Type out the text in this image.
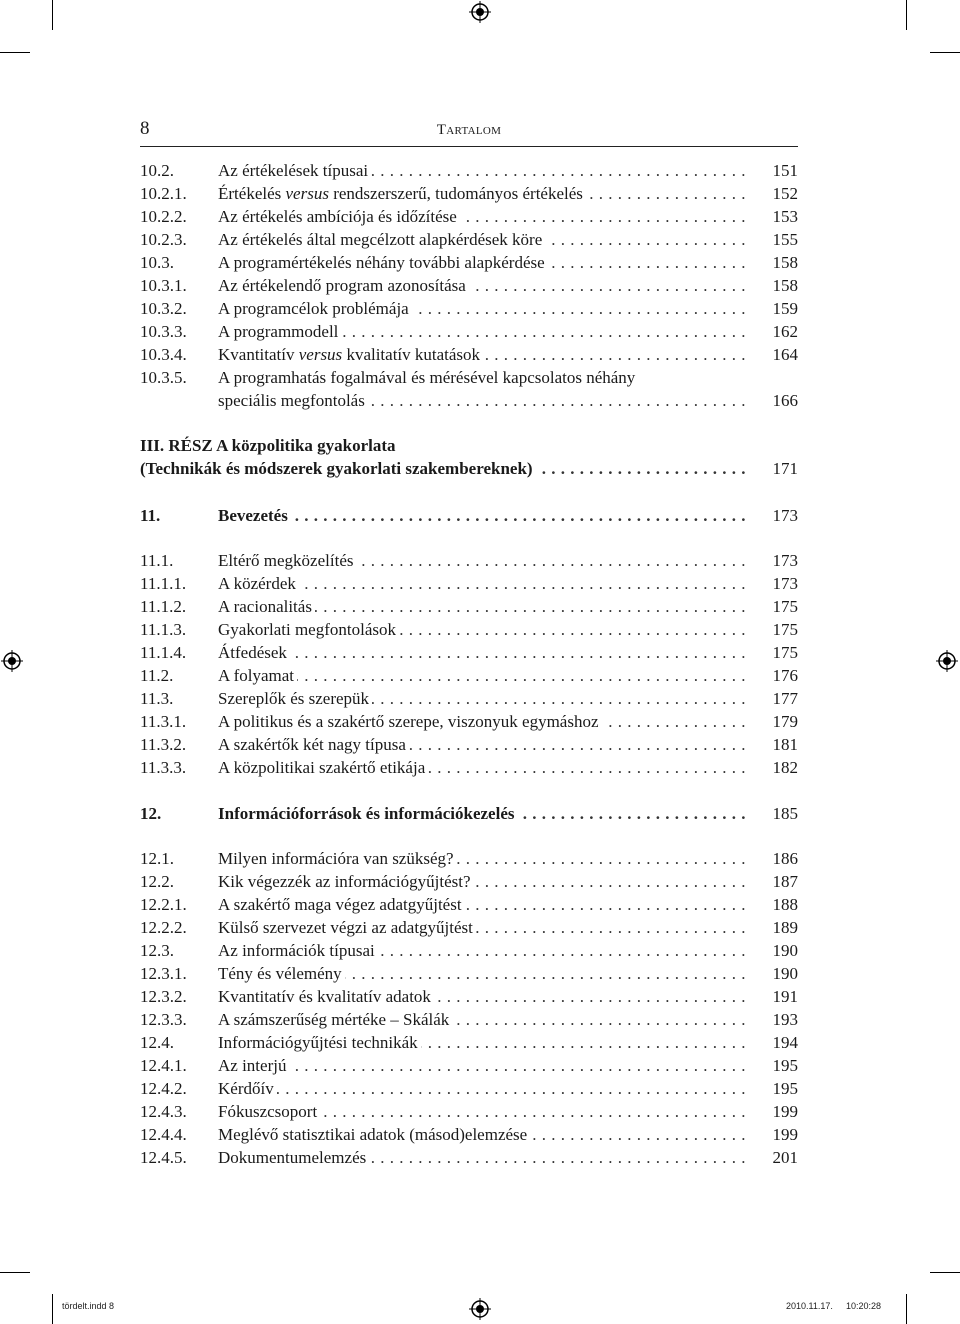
8	Tartalom
10.2.	Az értékelések típusai . . .	151
10.2.1. Értékelés versus rendszerszerű, tudományos értékelés . . .	152
10.2.2. Az értékelés ambíciója és időzítése . . .	153
10.2.3. Az értékelés által megcélzott alapkérdések köre . . .	155
10.3.	A programértékelés néhány további alapkérdése . . .	158
10.3.1. Az értékelendő program azonosítása . . .	158
10.3.2. A programcélok problémája . . .	159
10.3.3. A programmodell . . .	162
10.3.4. Kvantitatív versus kvalitatív kutatások . . .	164
10.3.5. A programhatás fogalmával és mérésével kapcsolatos néhány
speciális megfontolás . . .	166
III. RÉSZ A közpolitika gyakorlata
(Technikák és módszerek gyakorlati szakembereknek) . . .	171
11.	Bevezetés . . .	173
11.1.	Eltérő megközelítés . . .	173
11.1.1. A közérdek . . .	173
11.1.2. A racionalitás . . .	175
11.1.3. Gyakorlati megfontolások . . .	175
11.1.4. Átfedések . . .	175
11.2.	A folyamat . . .	176
11.3.	Szereplők és szerepük . . .	177
11.3.1. A politikus és a szakértő szerepe, viszonyuk egymáshoz . . .	179
11.3.2. A szakértők két nagy típusa . . .	181
11.3.3. A közpolitikai szakértő etikája . . .	182
12.	Információforrások és információkezelés . . .	185
12.1.	Milyen információra van szükség? . . .	186
12.2.	Kik végezzék az információgyűjtést? . . .	187
12.2.1. A szakértő maga végez adatgyűjtést . . .	188
12.2.2. Külső szervezet végzi az adatgyűjtést . . .	189
12.3.	Az információk típusai . . .	190
12.3.1. Tény és vélemény . . .	190
12.3.2. Kvantitatív és kvalitatív adatok . . .	191
12.3.3. A számszerűség mértéke – Skálák . . .	193
12.4.	Információgyűjtési technikák . . .	194
12.4.1. Az interjú . . .	195
12.4.2. Kérdőív . . .	195
12.4.3. Fókuszcsoport . . .	199
12.4.4. Meglévő statisztikai adatok (másod)elemzése . . .	199
12.4.5. Dokumentumelemzés . . .	201
tördelt.indd 8	2010.11.17. 10:20:28
